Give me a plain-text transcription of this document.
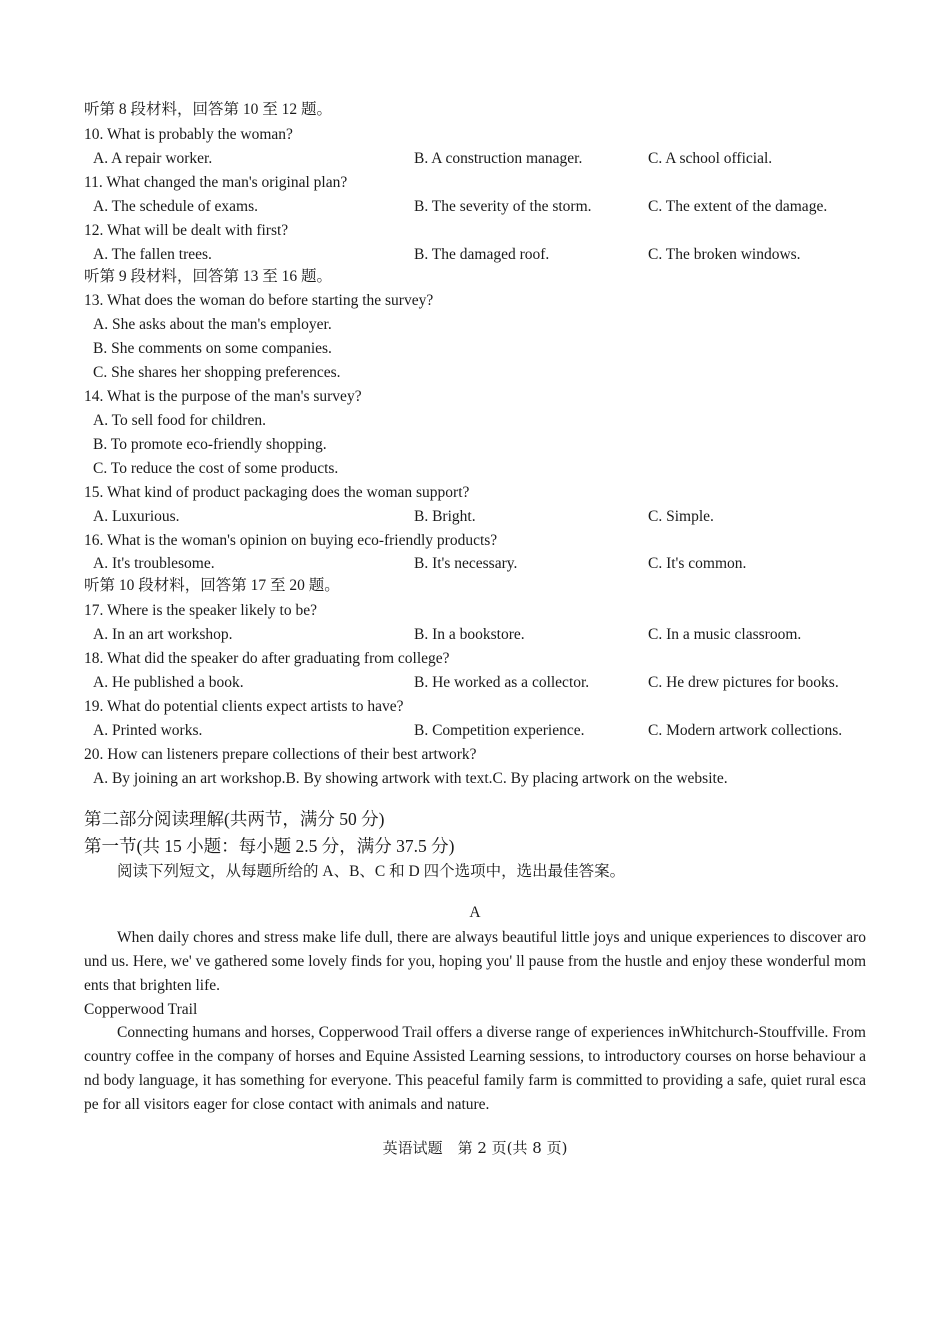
听第 8 段材料，回答第 10 至 12 题。
10. What is probably the woman?
A. A repair worker.	B. A construction manager.	C. A school official.
11. What changed the man's original plan?
A. The schedule of exams.	B. The severity of the storm.	C. The extent of the damage.
12. What will be dealt with first?
A. The fallen trees.	B. The damaged roof.	C. The broken windows.
听第 9 段材料，回答第 13 至 16 题。
13. What does the woman do before starting the survey?
A. She asks about the man's employer.
B. She comments on some companies.
C. She shares her shopping preferences.
14. What is the purpose of the man's survey?
A. To sell food for children.
B. To promote eco-friendly shopping.
C. To reduce the cost of some products.
15. What kind of product packaging does the woman support?
A. Luxurious.	B. Bright.	C. Simple.
16. What is the woman's opinion on buying eco-friendly products?
A. It's troublesome.	B. It's necessary.	C. It's common.
听第 10 段材料，回答第 17 至 20 题。
17. Where is the speaker likely to be?
A. In an art workshop.	B. In a bookstore.	C. In a music classroom.
18. What did the speaker do after graduating from college?
A. He published a book.	B. He worked as a collector.	C. He drew pictures for books.
19. What do potential clients expect artists to have?
A. Printed works.	B. Competition experience.	C. Modern artwork collections.
20. How can listeners prepare collections of their best artwork?
A. By joining an art workshop.B. By showing artwork with text.C. By placing artwork on the website.
第二部分阅读理解(共两节，满分 50 分)
第一节(共 15 小题：每小题 2.5 分，满分 37.5 分)
阅读下列短文，从每题所给的 A、B、C 和 D 四个选项中，选出最佳答案。
A
When daily chores and stress make life dull, there are always beautiful little joys and unique experiences to discover around us. Here, we' ve gathered some lovely finds for you, hoping you' ll pause from the hustle and enjoy these wonderful moments that brighten life.
Copperwood Trail
Connecting humans and horses, Copperwood Trail offers a diverse range of experiences inWhitchurch-Stouffville. From country coffee in the company of horses and Equine Assisted Learning sessions, to introductory courses on horse behaviour and body language, it has something for everyone. This peaceful family farm is committed to providing a safe, quiet rural escape for all visitors eager for close contact with animals and nature.
英语试题　第 2 页(共 8 页)
